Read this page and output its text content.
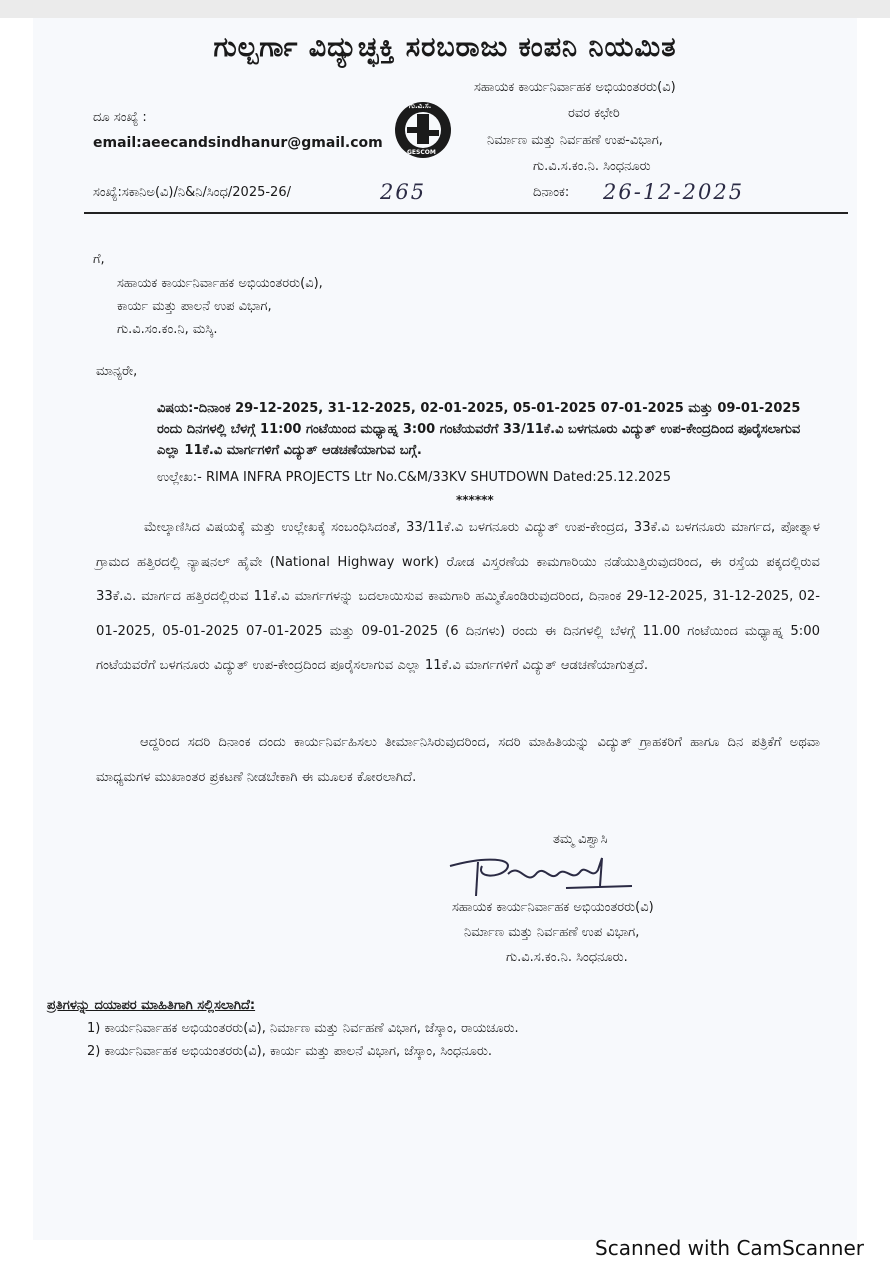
ಗುಲ್ಬರ್ಗಾ ವಿದ್ಯುಚ್ಛಕ್ತಿ ಸರಬರಾಜು ಕಂಪನಿ ನಿಯಮಿತ
ದೂ ಸಂಖ್ಯೆ :
email:aeecandsindhanur@gmail.com
ಗು.ವಿ.ಸ.
GESCOM
ಸಹಾಯಕ ಕಾರ್ಯನಿರ್ವಾಹಕ ಅಭಿಯಂತರರು(ವಿ)
ರವರ ಕಛೇರಿ
ನಿರ್ಮಾಣ ಮತ್ತು ನಿರ್ವಹಣೆ ಉಪ-ವಿಭಾಗ,
ಗು.ವಿ.ಸ.ಕಂ.ನಿ. ಸಿಂಧನೂರು
ಸಂಖ್ಯೆ:ಸಕಾನಿಅ(ವಿ)/ನಿ&ನಿ/ಸಿಂಧ/2025-26/	265	ದಿನಾಂಕ: 26-12-2025
ಗೆ,
ಸಹಾಯಕ ಕಾರ್ಯನಿರ್ವಾಹಕ ಅಭಿಯಂತರರು(ವಿ),
ಕಾರ್ಯ ಮತ್ತು ಪಾಲನೆ ಉಪ ವಿಭಾಗ,
ಗು.ವಿ.ಸಂ.ಕಂ.ನಿ, ಮಸ್ಕಿ.
ಮಾನ್ಯರೇ,
ವಿಷಯ:-ದಿನಾಂಕ 29-12-2025, 31-12-2025, 02-01-2025, 05-01-2025 07-01-2025 ಮತ್ತು 09-01-2025 ರಂದು ದಿನಗಳಲ್ಲಿ ಬೆಳಗ್ಗೆ 11:00 ಗಂಟೆಯಿಂದ ಮಧ್ಯಾಹ್ನ 3:00 ಗಂಟೆಯವರೆಗೆ 33/11ಕೆ.ವಿ ಬಳಗನೂರು ವಿದ್ಯುತ್ ಉಪ-ಕೇಂದ್ರದಿಂದ ಪೂರೈಸಲಾಗುವ ಎಲ್ಲಾ 11ಕೆ.ವಿ ಮಾರ್ಗಗಳಿಗೆ ವಿದ್ಯುತ್ ಆಡಚಣೆಯಾಗುವ ಬಗ್ಗೆ.
ಉಲ್ಲೇಖ:- RIMA INFRA PROJECTS Ltr No.C&M/33KV SHUTDOWN Dated:25.12.2025
******
ಮೇಲ್ಕಾಣಿಸಿದ ವಿಷಯಕ್ಕೆ ಮತ್ತು ಉಲ್ಲೇಖಕ್ಕೆ ಸಂಬಂಧಿಸಿದಂತೆ, 33/11ಕೆ.ವಿ ಬಳಗನೂರು ವಿದ್ಯುತ್ ಉಪ-ಕೇಂದ್ರದ, 33ಕೆ.ವಿ ಬಳಗನೂರು ಮಾರ್ಗದ, ಪೋತ್ನಾಳ ಗ್ರಾಮದ ಹತ್ತಿರದಲ್ಲಿ ನ್ಯಾಷನಲ್ ಹೈವೇ (National Highway work) ರೋಡ ವಿಸ್ತರಣೆಯ ಕಾಮಗಾರಿಯು ನಡೆಯುತ್ತಿರುವುದರಿಂದ, ಈ ರಸ್ತೆಯ ಪಕ್ಕದಲ್ಲಿರುವ 33ಕೆ.ವಿ. ಮಾರ್ಗದ ಹತ್ತಿರದಲ್ಲಿರುವ 11ಕೆ.ವಿ ಮಾರ್ಗಗಳನ್ನು ಬದಲಾಯಿಸುವ ಕಾಮಗಾರಿ ಹಮ್ಮಿಕೊಂಡಿರುವುದರಿಂದ, ದಿನಾಂಕ 29-12-2025, 31-12-2025, 02-01-2025, 05-01-2025 07-01-2025 ಮತ್ತು 09-01-2025 (6 ದಿನಗಳು) ರಂದು ಈ ದಿನಗಳಲ್ಲಿ ಬೆಳಗ್ಗೆ 11.00 ಗಂಟೆಯಿಂದ ಮಧ್ಯಾಹ್ನ 5:00 ಗಂಟೆಯವರೆಗೆ ಬಳಗನೂರು ವಿದ್ಯುತ್ ಉಪ-ಕೇಂದ್ರದಿಂದ ಪೂರೈಸಲಾಗುವ ಎಲ್ಲಾ 11ಕೆ.ವಿ ಮಾರ್ಗಗಳಿಗೆ ವಿದ್ಯುತ್ ಆಡಚಣೆಯಾಗುತ್ತದೆ.
ಆದ್ದರಿಂದ ಸದರಿ ದಿನಾಂಕ ದಂದು ಕಾರ್ಯನಿರ್ವಹಿಸಲು ತೀರ್ಮಾನಿಸಿರುವುದರಿಂದ, ಸದರಿ ಮಾಹಿತಿಯನ್ನು ವಿದ್ಯುತ್ ಗ್ರಾಹಕರಿಗೆ ಹಾಗೂ ದಿನ ಪತ್ರಿಕೆಗೆ ಅಥವಾ ಮಾಧ್ಯಮಗಳ ಮುಖಾಂತರ ಪ್ರಕಟಣೆ ನೀಡಬೇಕಾಗಿ ಈ ಮೂಲಕ ಕೋರಲಾಗಿದೆ.
ತಮ್ಮ ವಿಶ್ವಾಸಿ
ಸಹಾಯಕ ಕಾರ್ಯನಿರ್ವಾಹಕ ಅಭಿಯಂತರರು(ವಿ)
ನಿರ್ಮಾಣ ಮತ್ತು ನಿರ್ವಹಣೆ ಉಪ ವಿಭಾಗ,
ಗು.ವಿ.ಸ.ಕಂ.ನಿ. ಸಿಂಧನೂರು.
ಪ್ರತಿಗಳನ್ನು ದಯಾಪರ ಮಾಹಿತಿಗಾಗಿ ಸಲ್ಲಿಸಲಾಗಿದೆ:
1) ಕಾರ್ಯನಿರ್ವಾಹಕ ಅಭಿಯಂತರರು(ವಿ), ನಿರ್ಮಾಣ ಮತ್ತು ನಿರ್ವಹಣೆ ವಿಭಾಗ, ಜೆಸ್ಕಾಂ, ರಾಯಚೂರು.
2) ಕಾರ್ಯನಿರ್ವಾಹಕ ಅಭಿಯಂತರರು(ವಿ), ಕಾರ್ಯ ಮತ್ತು ಪಾಲನೆ ವಿಭಾಗ, ಜೆಸ್ಕಾಂ, ಸಿಂಧನೂರು.
Scanned with CamScanner
